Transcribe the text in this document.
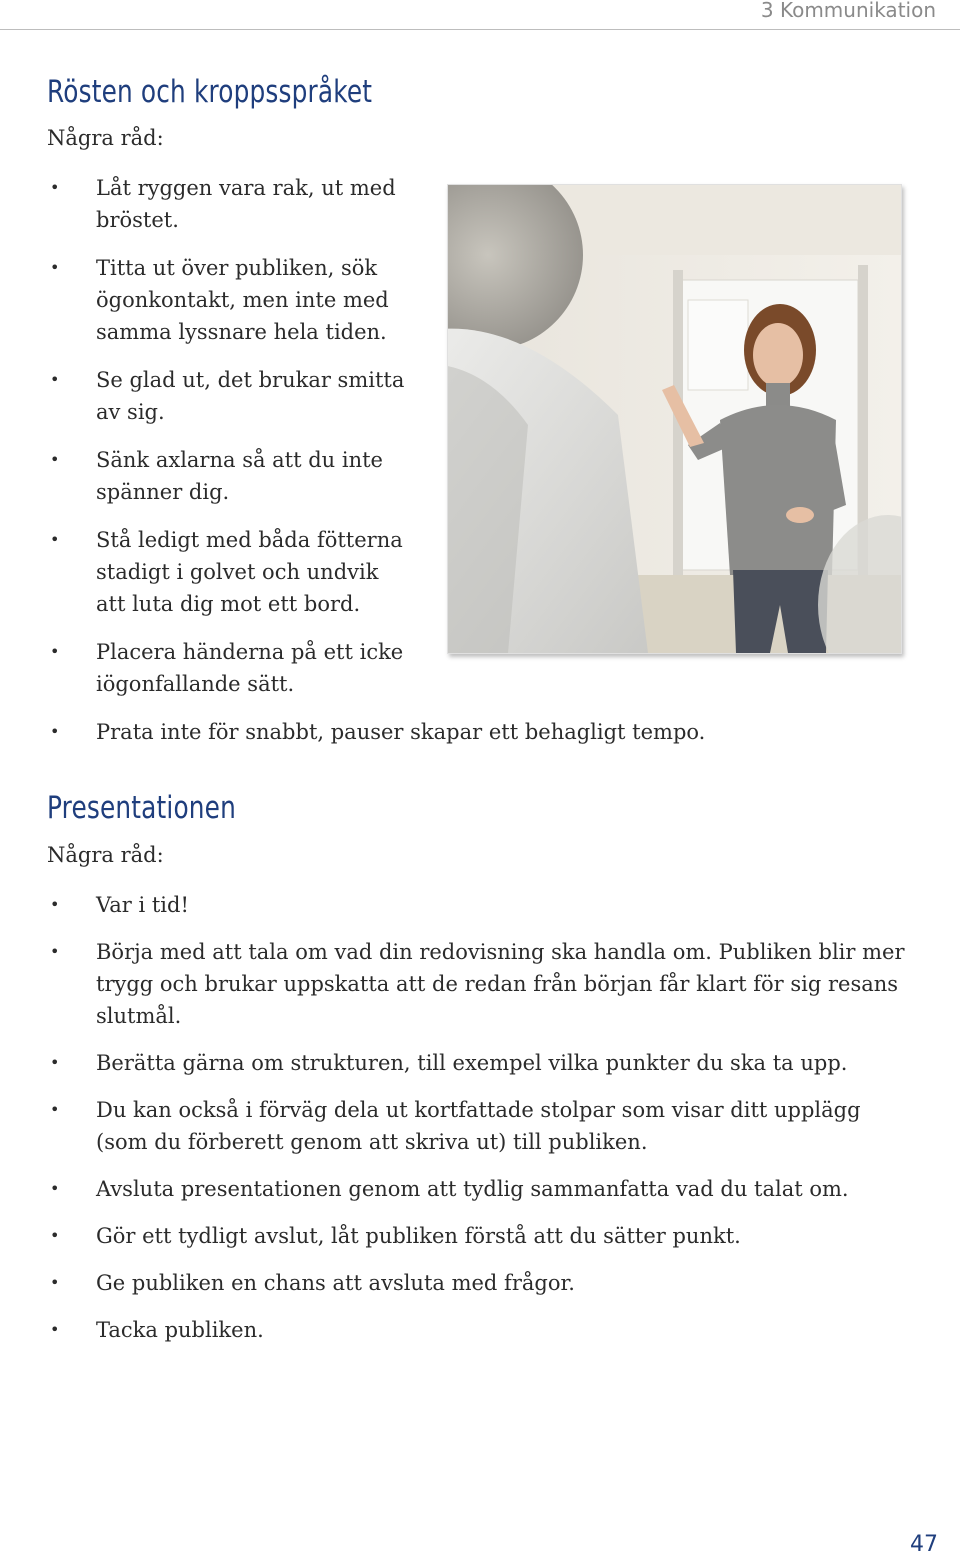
3 Kommunikation
Rösten och kroppsspråket

Några råd:

• Låt ryggen vara rak, ut med
bröstet.
• Titta ut över publiken, sök
ögonkontakt, men inte med
samma lyssnare hela tiden.
• Se glad ut, det brukar smitta
av sig.
• Sänk axlarna så att du inte
spänner dig.
• Stå ledigt med båda fötterna
stadigt i golvet och undvik
att luta dig mot ett bord.
• Placera händerna på ett icke
iögonfallande sätt.
• Prata inte för snabbt, pauser skapar ett behagligt tempo.
Presentationen

Några råd:

• Var i tid!
• Börja med att tala om vad din redovisning ska handla om. Publiken blir mer
trygg och brukar uppskatta att de redan från början får klart för sig resans
slutmål.
• Berätta gärna om strukturen, till exempel vilka punkter du ska ta upp.
• Du kan också i förväg dela ut kortfattade stolpar som visar ditt upplägg
(som du förberett genom att skriva ut) till publiken.
• Avsluta presentationen genom att tydlig sammanfatta vad du talat om.
• Gör ett tydligt avslut, låt publiken förstå att du sätter punkt.
• Ge publiken en chans att avsluta med frågor.
• Tacka publiken.
47
